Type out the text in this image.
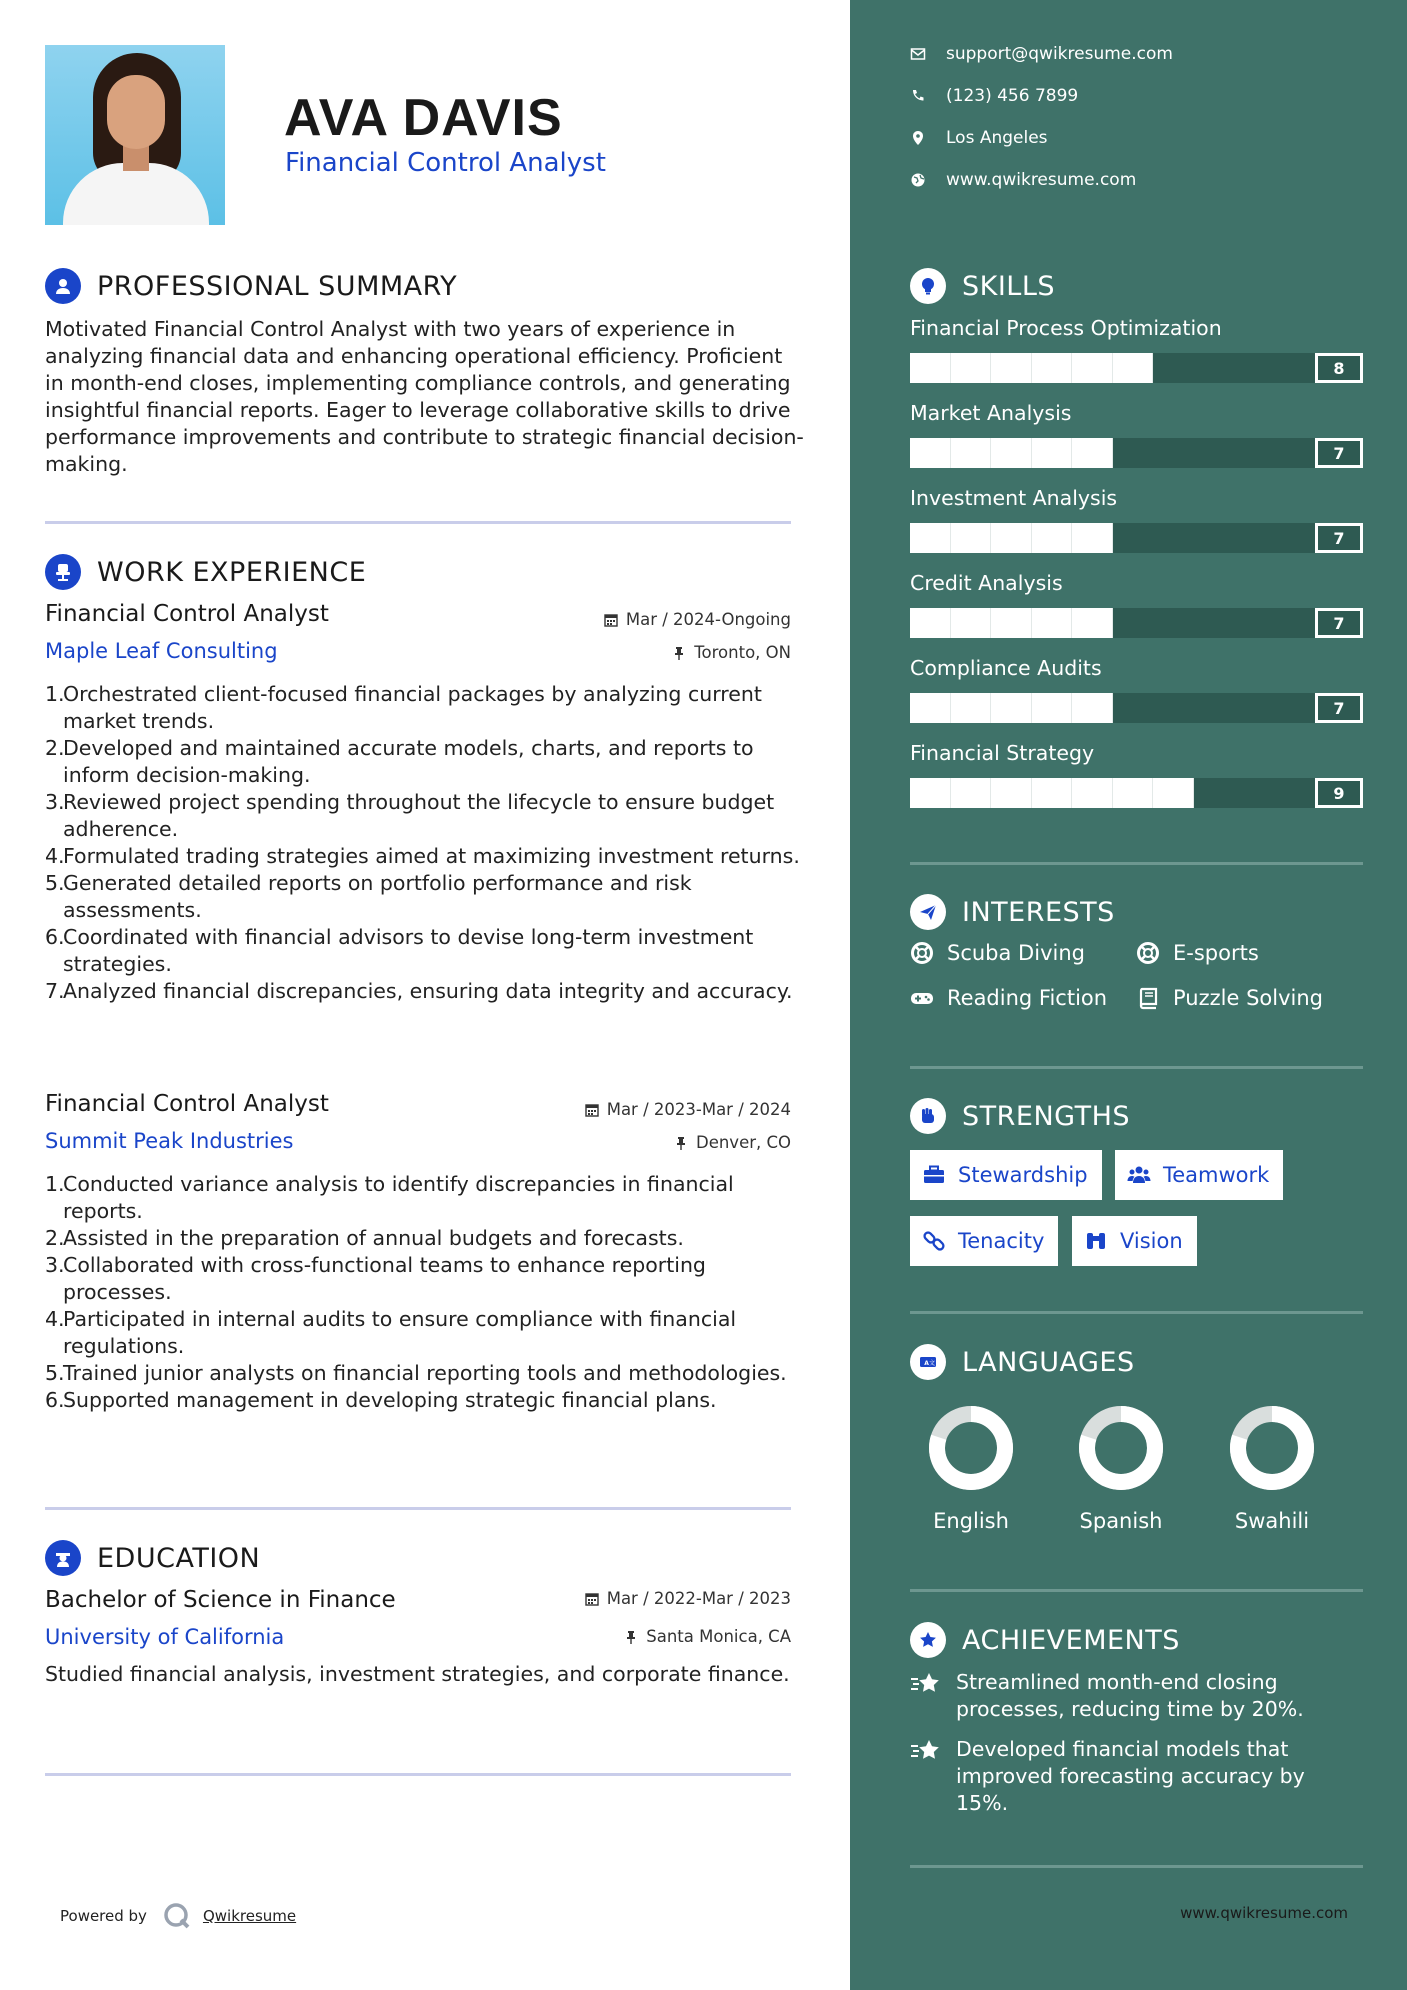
AVA DAVIS
Financial Control Analyst
PROFESSIONAL SUMMARY
Motivated Financial Control Analyst with two years of experience in analyzing financial data and enhancing operational efficiency. Proficient in month-end closes, implementing compliance controls, and generating insightful financial reports. Eager to leverage collaborative skills to drive performance improvements and contribute to strategic financial decision-making.
WORK EXPERIENCE
Financial Control Analyst	Mar / 2024-Ongoing
Maple Leaf Consulting	Toronto, ON
1.
Orchestrated client-focused financial packages by analyzing current market trends.
2.
Developed and maintained accurate models, charts, and reports to inform decision-making.
3.
Reviewed project spending throughout the lifecycle to ensure budget adherence.
4.
Formulated trading strategies aimed at maximizing investment returns.
5.
Generated detailed reports on portfolio performance and risk assessments.
6.
Coordinated with financial advisors to devise long-term investment strategies.
7.
Analyzed financial discrepancies, ensuring data integrity and accuracy.
Financial Control Analyst	Mar / 2023-Mar / 2024
Summit Peak Industries	Denver, CO
1.
Conducted variance analysis to identify discrepancies in financial reports.
2.
Assisted in the preparation of annual budgets and forecasts.
3.
Collaborated with cross-functional teams to enhance reporting processes.
4.
Participated in internal audits to ensure compliance with financial regulations.
5.
Trained junior analysts on financial reporting tools and methodologies.
6.
Supported management in developing strategic financial plans.
EDUCATION
Bachelor of Science in Finance	Mar / 2022-Mar / 2023
University of California	Santa Monica, CA
Studied financial analysis, investment strategies, and corporate finance.
Powered by	Qwikresume
support@qwikresume.com
(123) 456 7899
Los Angeles
www.qwikresume.com
SKILLS
Financial Process Optimization
8
Market Analysis
7
Investment Analysis
7
Credit Analysis
7
Compliance Audits
7
Financial Strategy
9
INTERESTS
Scuba Diving	E-sports
Reading Fiction	Puzzle Solving
STRENGTHS
Stewardship	Teamwork
Tenacity	Vision
A 文 LANGUAGES
English	Spanish	Swahili
ACHIEVEMENTS
Streamlined month-end closing processes, reducing time by 20%.
Developed financial models that improved forecasting accuracy by 15%.
www.qwikresume.com
